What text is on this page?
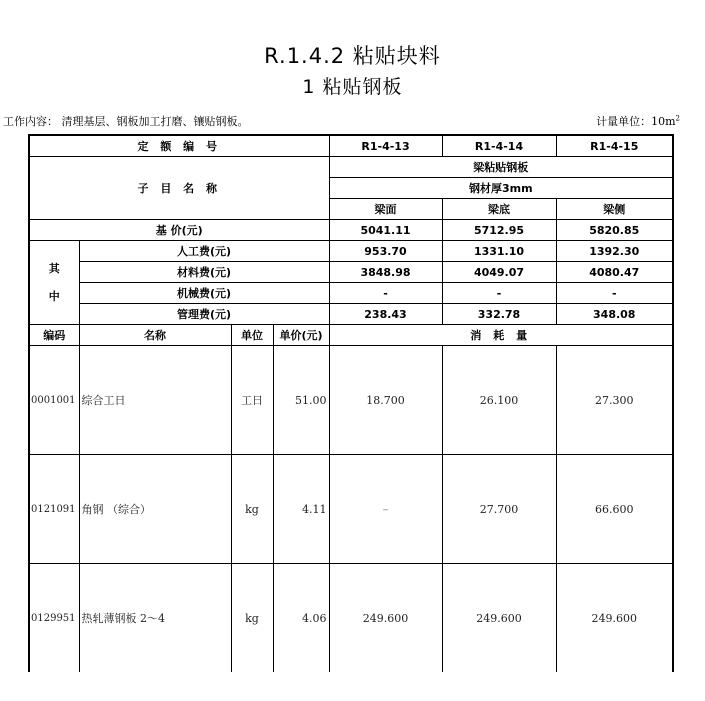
R.1.4.2 粘贴块料
1 粘贴钢板
工作内容： 清理基层、钢板加工打磨、镶贴钢板。	计量单位：$10m^2$
定 额 编 号				R1-4-13	R1-4-14	R1-4-15
子 目 名 称				梁粘贴钢板		
				钢材厚3mm		
				梁面	梁底	梁侧
基 价(元)				5041.11	5712.95	5820.85
其
中	人工费(元)			953.70	1331.10	1392.30
	材料费(元)			3848.98	4049.07	4080.47
	机械费(元)			-	-	-
	管理费(元)			238.43	332.78	348.08
编码	名称	单位	单价(元)	消 耗 量		
0001001	综合工日	工日	51.00	18.700	26.100	27.300
0121091	角钢 （综合）	kg	4.11	–	27.700	66.600
0129951	热轧薄钢板 2～4	kg	4.06	249.600	249.600	249.600
